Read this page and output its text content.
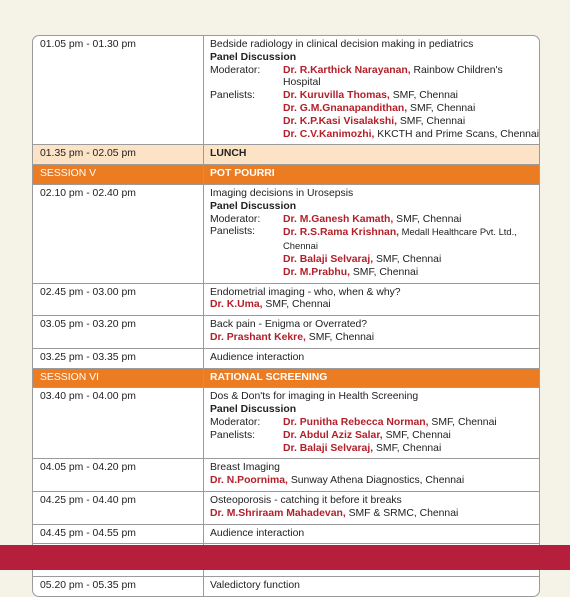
01.05 pm - 01.30 pm	Bedside radiology in clinical decision making in pediatrics
Panel Discussion
Moderator:	Dr. R.Karthick Narayanan, Rainbow Children's Hospital
Panelists:	Dr. Kuruvilla Thomas, SMF, Chennai
Dr. G.M.Gnanapandithan, SMF, Chennai
Dr. K.P.Kasi Visalakshi, SMF, Chennai
Dr. C.V.Kanimozhi, KKCTH and Prime Scans, Chennai
01.35 pm - 02.05 pm	LUNCH
SESSION V	POT POURRI
02.10 pm - 02.40 pm	Imaging decisions in Urosepsis
Panel Discussion
Moderator:	Dr. M.Ganesh Kamath, SMF, Chennai
Panelists:	Dr. R.S.Rama Krishnan, Medall Healthcare Pvt. Ltd., Chennai
Dr. Balaji Selvaraj, SMF, Chennai
Dr. M.Prabhu, SMF, Chennai
02.45 pm - 03.00 pm	Endometrial imaging - who, when & why?
Dr. K.Uma, SMF, Chennai
03.05 pm - 03.20 pm	Back pain - Enigma or Overrated?
Dr. Prashant Kekre, SMF, Chennai
03.25 pm - 03.35 pm	Audience interaction
SESSION VI	RATIONAL SCREENING
03.40 pm - 04.00 pm	Dos & Don'ts for imaging in Health Screening
Panel Discussion
Moderator:	Dr. Punitha Rebecca Norman, SMF, Chennai
Panelists:	Dr. Abdul Aziz Salar, SMF, Chennai
Dr. Balaji Selvaraj, SMF, Chennai
04.05 pm - 04.20 pm	Breast Imaging
Dr. N.Poornima, Sunway Athena Diagnostics, Chennai
04.25 pm - 04.40 pm	Osteoporosis - catching it before it breaks
Dr. M.Shriraam Mahadevan, SMF & SRMC, Chennai
04.45 pm - 04.55 pm	Audience interaction
05.20 pm - 05.35 pm	Valedictory function
